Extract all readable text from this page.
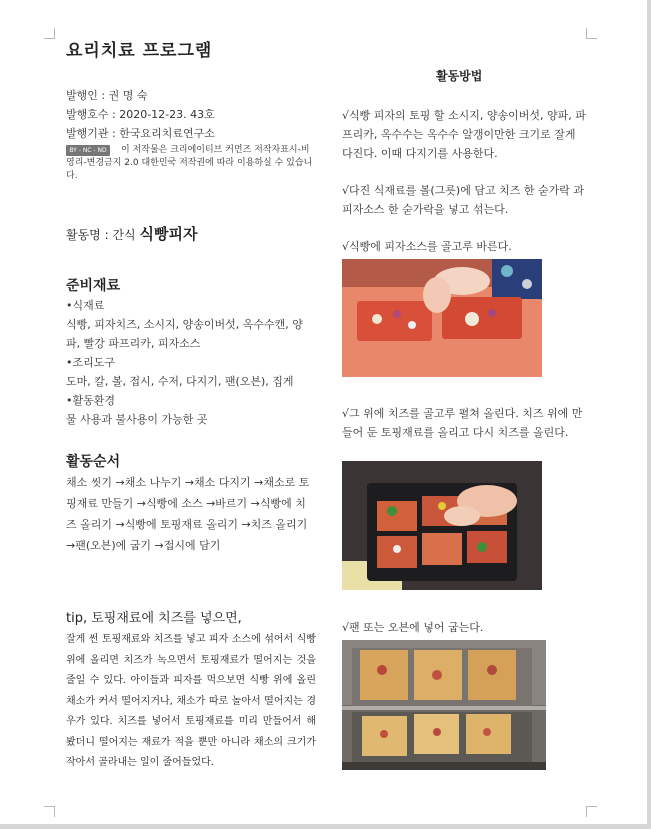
요리치료 프로그램
발행인 : 권 명 숙
발행호수 : 2020-12-23. 43호
발행기관 : 한국요리치료연구소
BY - NC - ND	이 저작물은 크리에이티브 커먼즈 저작자표시-비영리-변경금지 2.0 대한민국 저작권에 따라 이용하실 수 있습니다.
활동명 : 간식 식빵피자
준비재료
•식재료
식빵, 피자치즈, 소시지, 양송이버섯, 옥수수캔, 양파, 빨강 파프리카, 피자소스
•조리도구
도마, 칼, 볼, 접시, 수저, 다지기, 팬(오븐), 집게
•활동환경
물 사용과 불사용이 가능한 곳
활동순서
채소 씻기 →채소 나누기 →채소 다지기 →채소로 토핑재료 만들기 →식빵에 소스 →바르기 →식빵에 치즈 올리기 →식빵에 토핑재료 올리기 →치즈 올리기 →팬(오븐)에 굽기 →접시에 담기
tip, 토핑재료에 치즈를 넣으면,
잘게 썬 토핑재료와 치즈를 넣고 피자 소스에 섞어서 식빵 위에 올리면 치즈가 녹으면서 토핑재료가 떨어지는 것을 줄일 수 있다. 아이들과 피자를 먹으보면 식빵 위에 올린 채소가 커서 떨어지거나, 채소가 따로 놀아서 떨어지는 경우가 있다. 치즈를 넣어서 토핑재료를 미리 만들어서 해 봤더니 떨어지는 재료가 적을 뿐만 아니라 채소의 크기가 작아서 골라내는 일이 줄어들었다.
활동방법
√식빵 피자의 토핑 할 소시지, 양송이버섯, 양파, 파프리카, 옥수수는 옥수수 알갱이만한 크기로 잘게 다진다. 이때 다지기를 사용한다.
√다진 식재료를 볼(그릇)에 담고 치즈 한 숟가락 과 피자소스 한 숟가락을 넣고 섞는다.
√식빵에 피자소스를 골고루 바른다.
√그 위에 치즈를 골고루 펼쳐 올린다. 치즈 위에 만들어 둔 토핑재료를 올리고 다시 치즈를 올린다.
√팬 또는 오븐에 넣어 굽는다.
